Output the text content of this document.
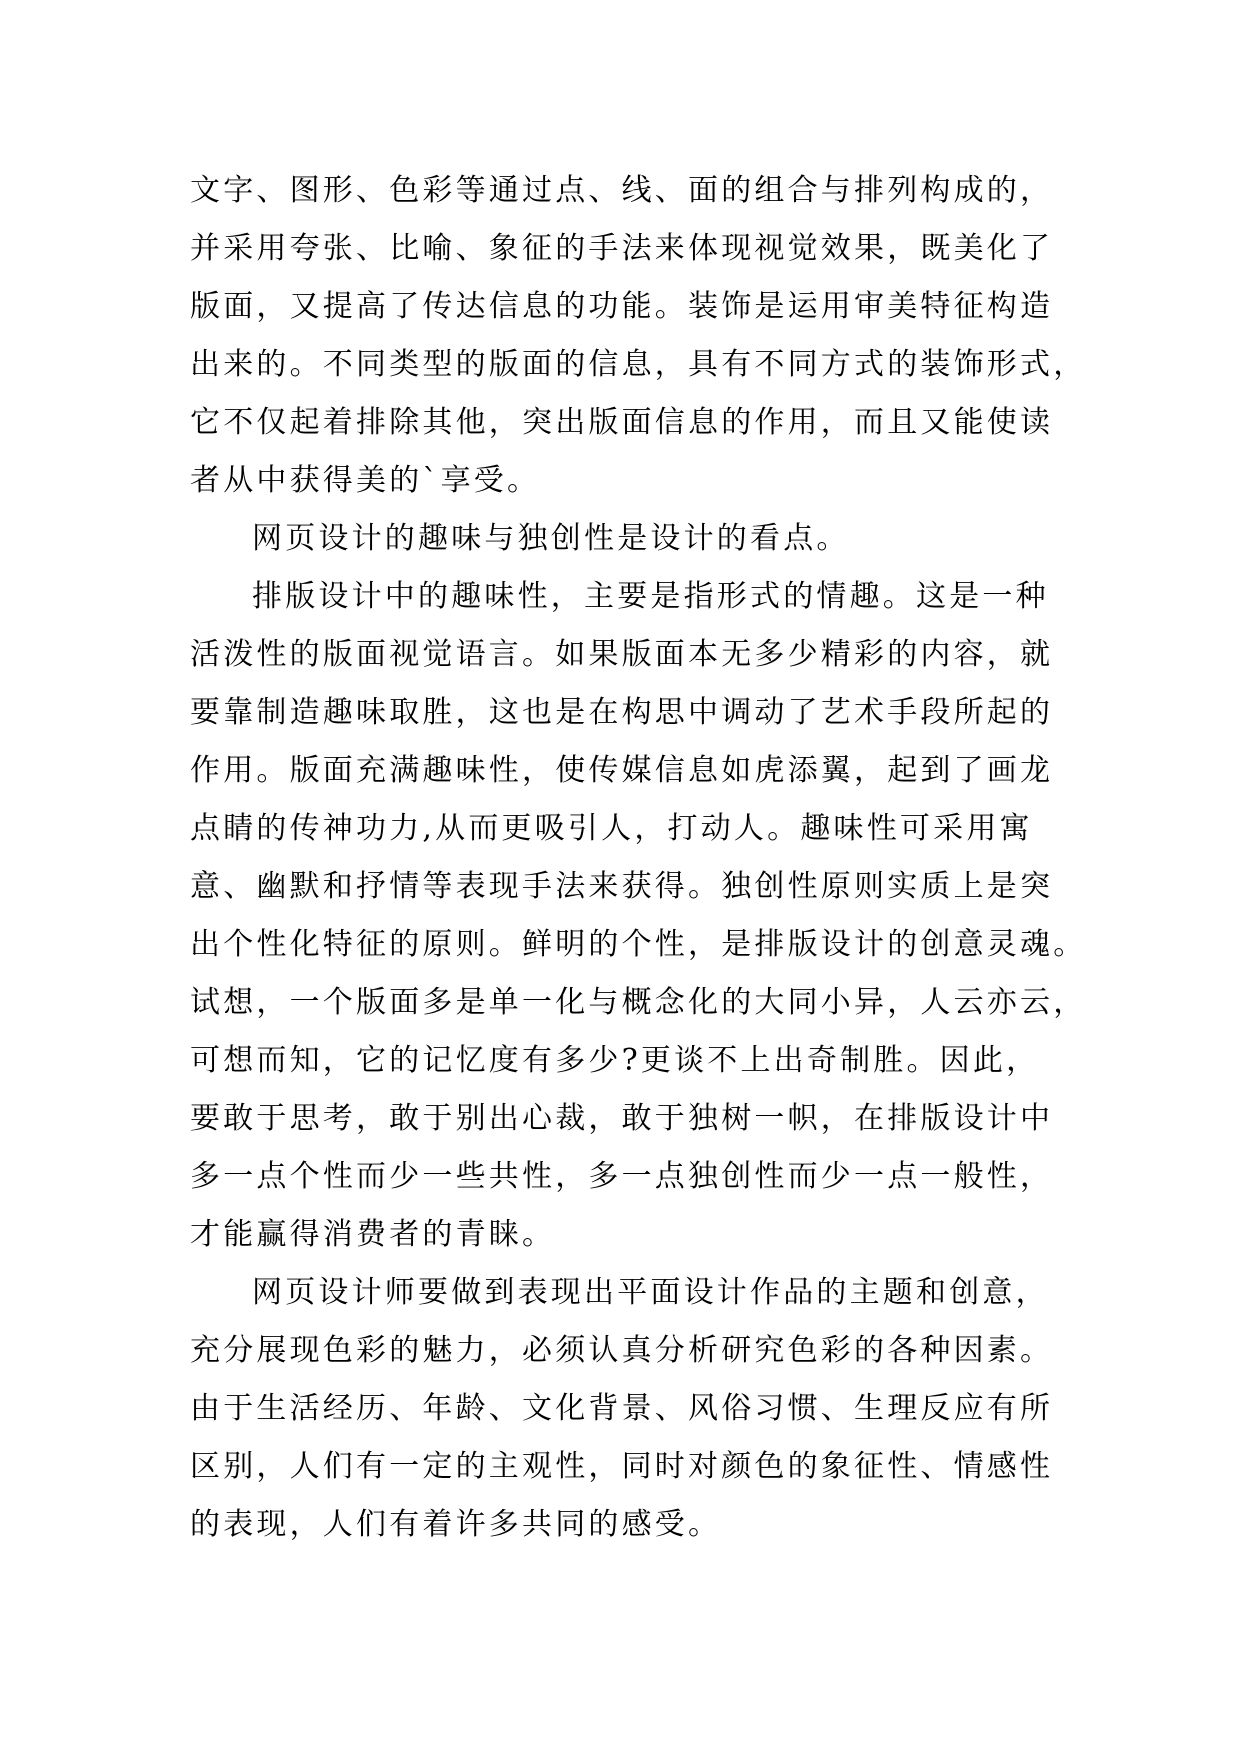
文字、图形、色彩等通过点、线、面的组合与排列构成的，
并采用夸张、比喻、象征的手法来体现视觉效果，既美化了
版面，又提高了传达信息的功能。装饰是运用审美特征构造
出来的。不同类型的版面的信息，具有不同方式的装饰形式，
它不仅起着排除其他，突出版面信息的作用，而且又能使读
者从中获得美的`享受。
网页设计的趣味与独创性是设计的看点。
排版设计中的趣味性，主要是指形式的情趣。这是一种
活泼性的版面视觉语言。如果版面本无多少精彩的内容，就
要靠制造趣味取胜，这也是在构思中调动了艺术手段所起的
作用。版面充满趣味性，使传媒信息如虎添翼，起到了画龙
点睛的传神功力,从而更吸引人，打动人。趣味性可采用寓
意、幽默和抒情等表现手法来获得。独创性原则实质上是突
出个性化特征的原则。鲜明的个性，是排版设计的创意灵魂。
试想，一个版面多是单一化与概念化的大同小异，人云亦云，
可想而知，它的记忆度有多少?更谈不上出奇制胜。因此，
要敢于思考，敢于别出心裁，敢于独树一帜，在排版设计中
多一点个性而少一些共性，多一点独创性而少一点一般性，
才能赢得消费者的青睐。
网页设计师要做到表现出平面设计作品的主题和创意，
充分展现色彩的魅力，必须认真分析研究色彩的各种因素。
由于生活经历、年龄、文化背景、风俗习惯、生理反应有所
区别，人们有一定的主观性，同时对颜色的象征性、情感性
的表现，人们有着许多共同的感受。
